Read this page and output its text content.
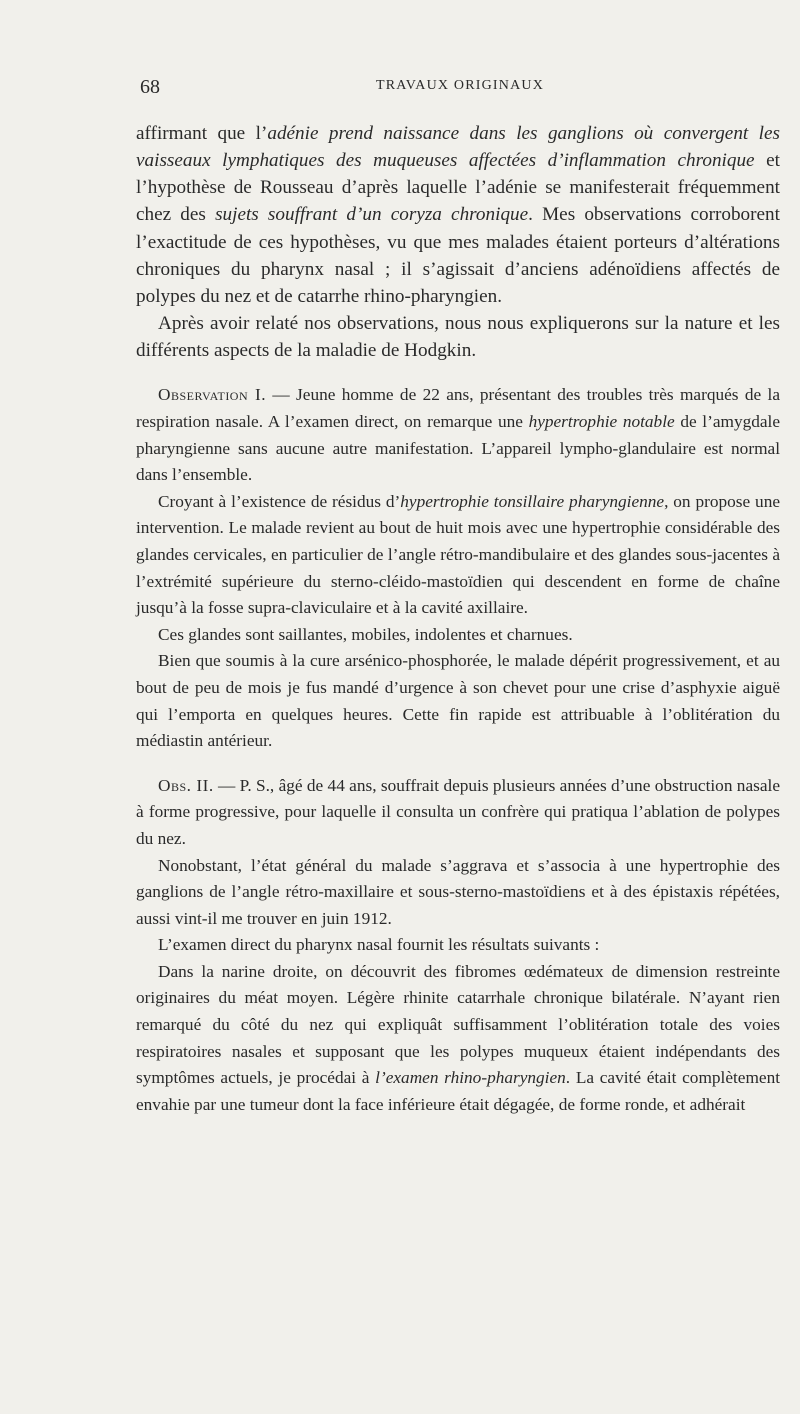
68	TRAVAUX ORIGINAUX

affirmant que l’adénie prend naissance dans les ganglions où convergent les vaisseaux lymphatiques des muqueuses affectées d’inflammation chronique et l’hypothèse de Rousseau d’après laquelle l’adénie se manifesterait fréquemment chez des sujets souffrant d’un coryza chronique. Mes observations corroborent l’exactitude de ces hypothèses, vu que mes malades étaient porteurs d’altérations chroniques du pharynx nasal ; il s’agissait d’anciens adénoïdiens affectés de polypes du nez et de catarrhe rhino-pharyngien.

Après avoir relaté nos observations, nous nous expliquerons sur la nature et les différents aspects de la maladie de Hodgkin.

Observation I. — Jeune homme de 22 ans, présentant des troubles très marqués de la respiration nasale. A l’examen direct, on remarque une hypertrophie notable de l’amygdale pharyngienne sans aucune autre manifestation. L’appareil lympho-glandulaire est normal dans l’ensemble.

Croyant à l’existence de résidus d’hypertrophie tonsillaire pharyngienne, on propose une intervention. Le malade revient au bout de huit mois avec une hypertrophie considérable des glandes cervicales, en particulier de l’angle rétro-mandibulaire et des glandes sous-jacentes à l’extrémité supérieure du sterno-cléido-mastoïdien qui descendent en forme de chaîne jusqu’à la fosse supra-claviculaire et à la cavité axillaire.

Ces glandes sont saillantes, mobiles, indolentes et charnues.

Bien que soumis à la cure arsénico-phosphorée, le malade dépérit progressivement, et au bout de peu de mois je fus mandé d’urgence à son chevet pour une crise d’asphyxie aiguë qui l’emporta en quelques heures. Cette fin rapide est attribuable à l’oblitération du médiastin antérieur.

Obs. II. — P. S., âgé de 44 ans, souffrait depuis plusieurs années d’une obstruction nasale à forme progressive, pour laquelle il consulta un confrère qui pratiqua l’ablation de polypes du nez.

Nonobstant, l’état général du malade s’aggrava et s’associa à une hypertrophie des ganglions de l’angle rétro-maxillaire et sous-sterno-mastoïdiens et à des épistaxis répétées, aussi vint-il me trouver en juin 1912.

L’examen direct du pharynx nasal fournit les résultats suivants :

Dans la narine droite, on découvrit des fibromes œdémateux de dimension restreinte originaires du méat moyen. Légère rhinite catarrhale chronique bilatérale. N’ayant rien remarqué du côté du nez qui expliquât suffisamment l’oblitération totale des voies respiratoires nasales et supposant que les polypes muqueux étaient indépendants des symptômes actuels, je procédai à l’examen rhino-pharyngien. La cavité était complètement envahie par une tumeur dont la face inférieure était dégagée, de forme ronde, et adhérait
